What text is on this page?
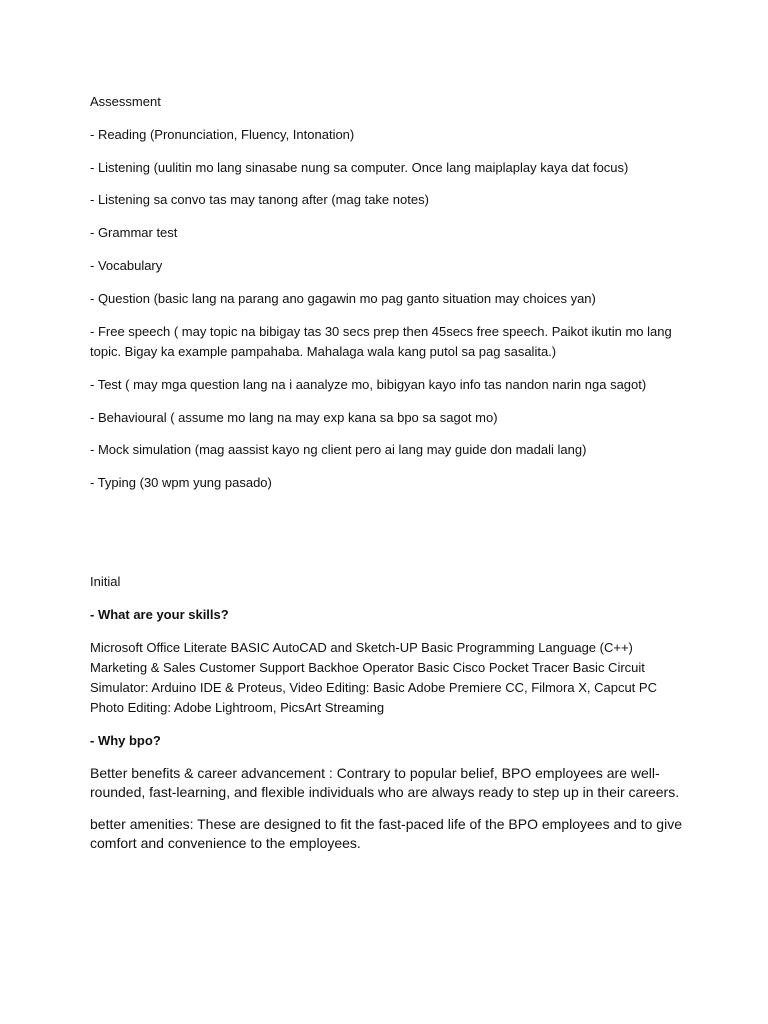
Assessment

- Reading (Pronunciation, Fluency, Intonation)

- Listening (uulitin mo lang sinasabe nung sa computer. Once lang maiplaplay kaya dat focus)

- Listening sa convo tas may tanong after (mag take notes)

- Grammar test

- Vocabulary

- Question (basic lang na parang ano gagawin mo pag ganto situation may choices yan)

- Free speech ( may topic na bibigay tas 30 secs prep then 45secs free speech. Paikot ikutin mo lang topic. Bigay ka example pampahaba. Mahalaga wala kang putol sa pag sasalita.)

- Test ( may mga question lang na i aanalyze mo, bibigyan kayo info tas nandon narin nga sagot)

- Behavioural ( assume mo lang na may exp kana sa bpo sa sagot mo)

- Mock simulation (mag aassist kayo ng client pero ai lang may guide don madali lang)

- Typing (30 wpm yung pasado)

Initial

- What are your skills?

Microsoft Office Literate BASIC AutoCAD and Sketch-UP Basic Programming Language (C++) Marketing & Sales Customer Support Backhoe Operator Basic Cisco Pocket Tracer Basic Circuit Simulator: Arduino IDE & Proteus, Video Editing: Basic Adobe Premiere CC, Filmora X, Capcut PC Photo Editing: Adobe Lightroom, PicsArt Streaming

- Why bpo?

Better benefits & career advancement : Contrary to popular belief, BPO employees are well-rounded, fast-learning, and flexible individuals who are always ready to step up in their careers.

better amenities: These are designed to fit the fast-paced life of the BPO employees and to give comfort and convenience to the employees.
